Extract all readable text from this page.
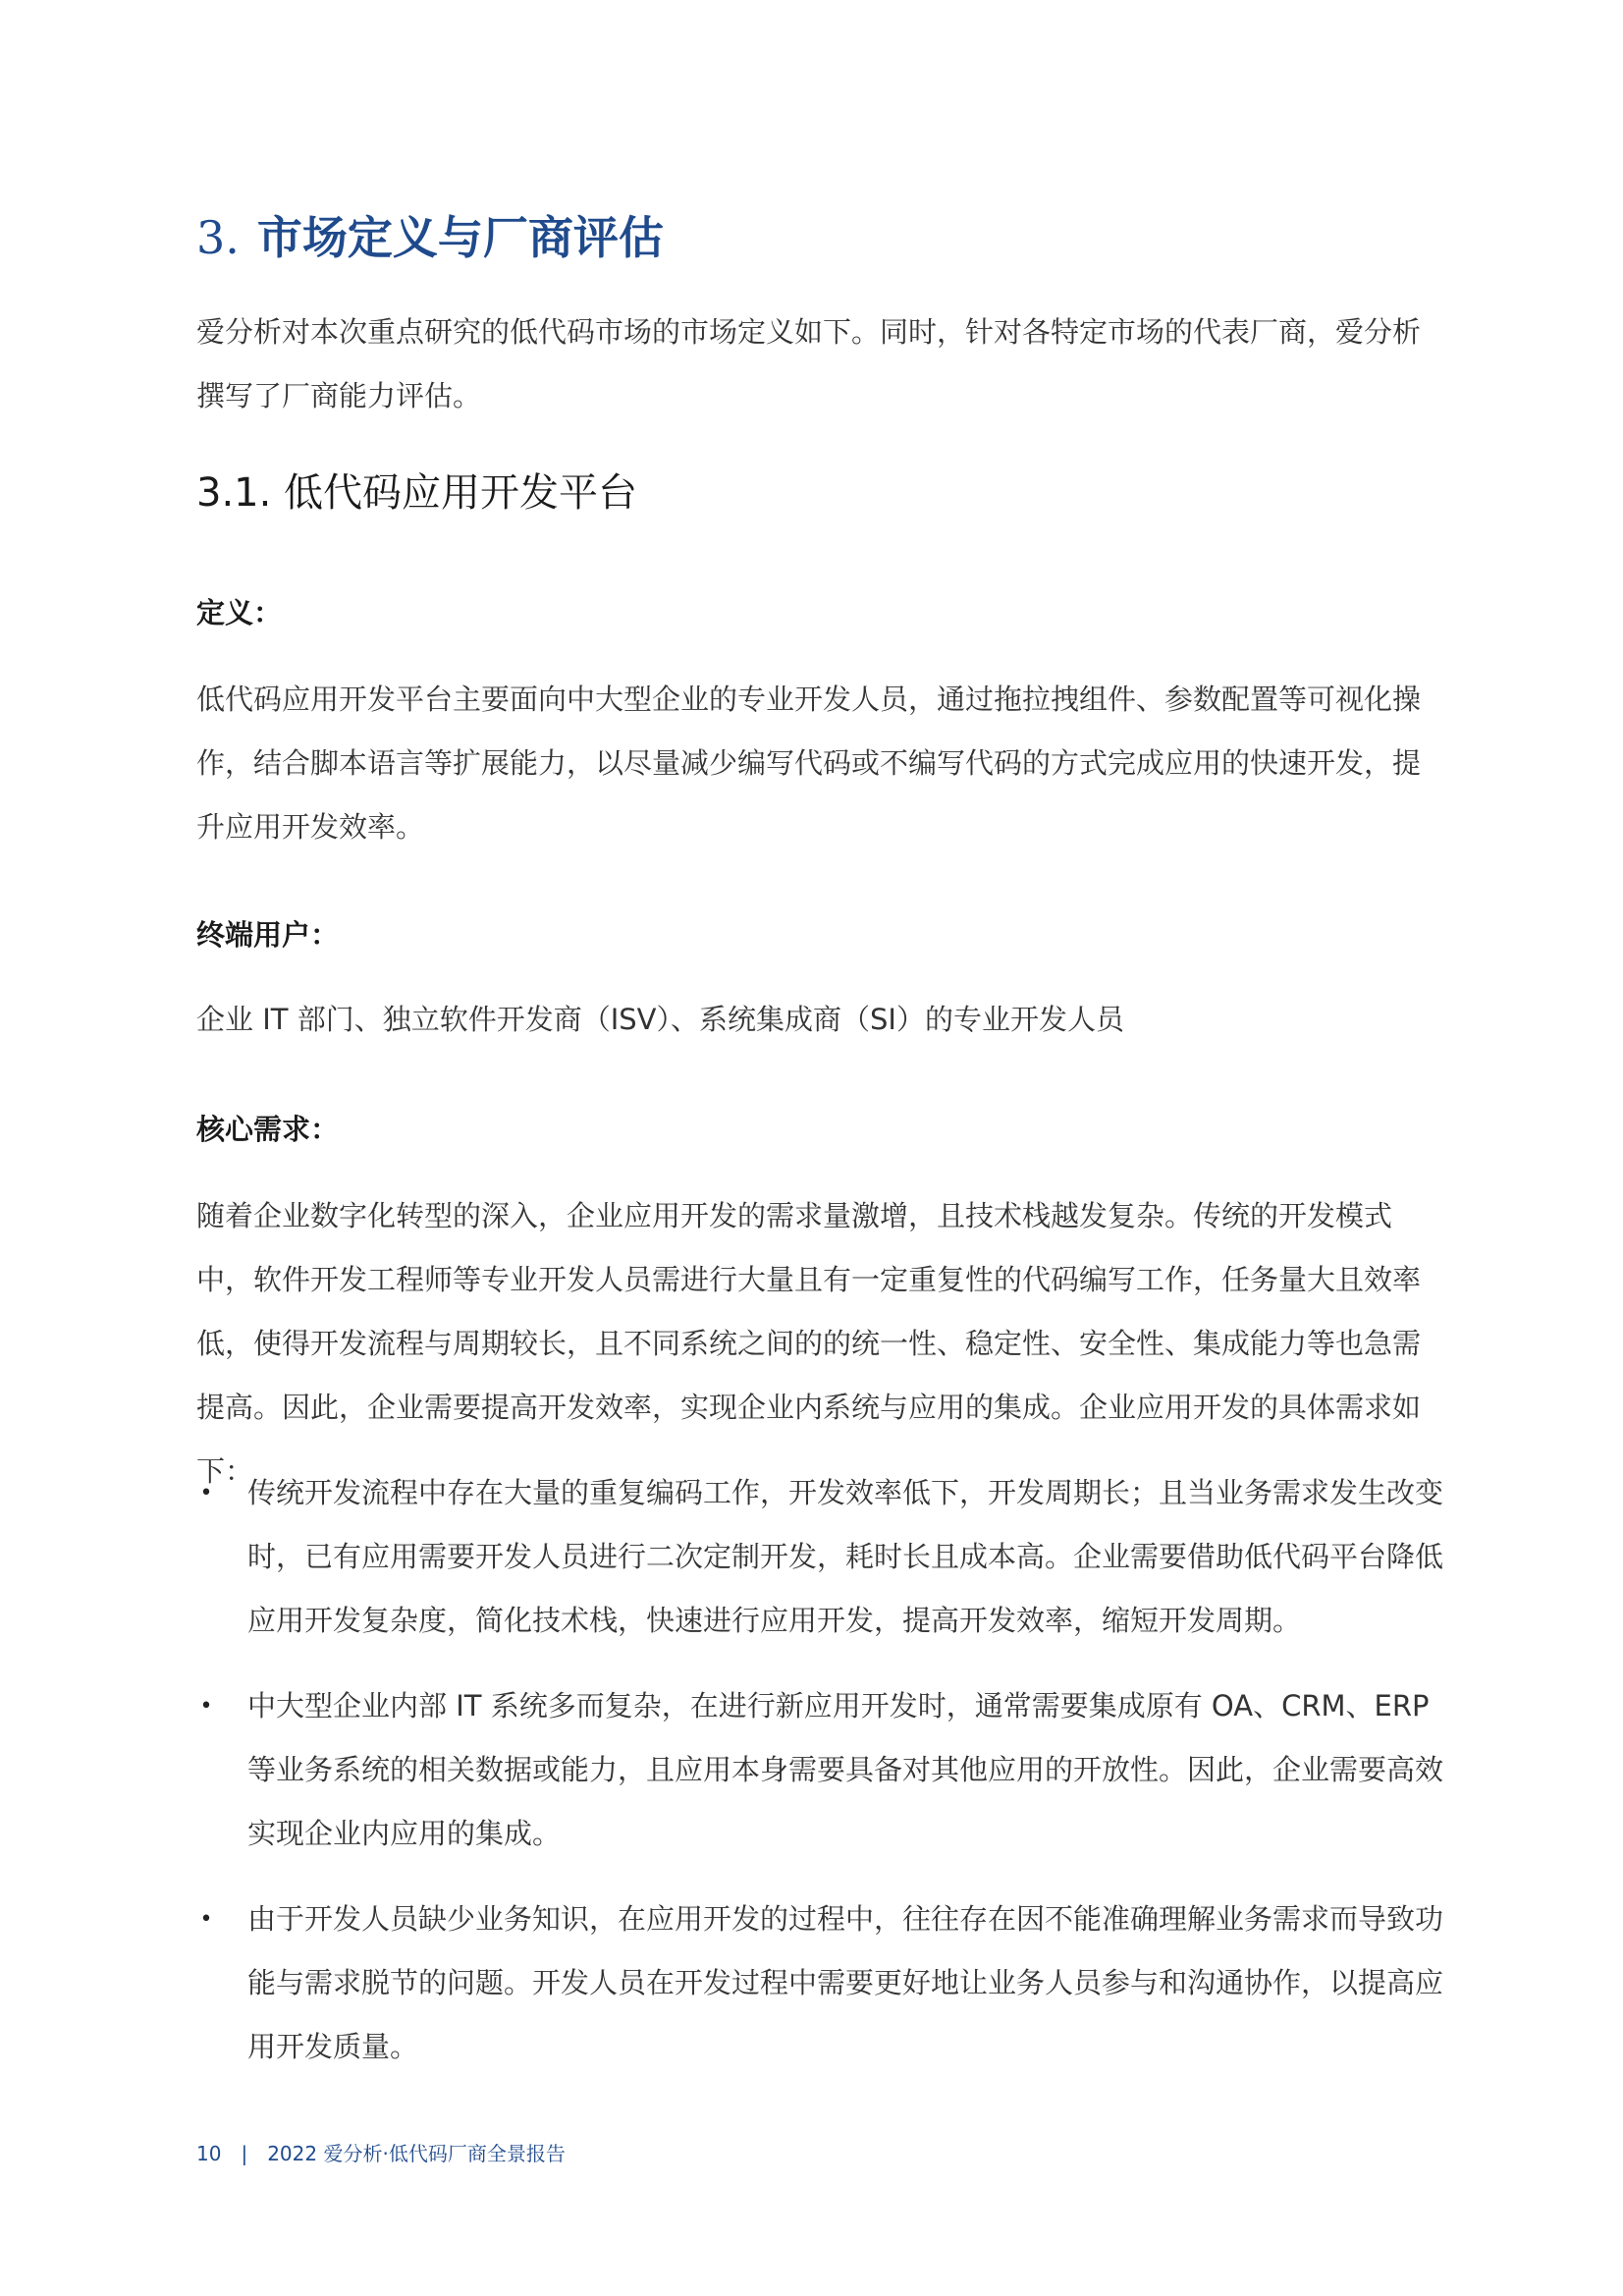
3. 市场定义与厂商评估

爱分析对本次重点研究的低代码市场的市场定义如下。同时，针对各特定市场的代表厂商，爱分析撰写了厂商能力评估。

3.1. 低代码应用开发平台
定义：

低代码应用开发平台主要面向中大型企业的专业开发人员，通过拖拉拽组件、参数配置等可视化操作，结合脚本语言等扩展能力，以尽量减少编写代码或不编写代码的方式完成应用的快速开发，提升应用开发效率。

终端用户：

企业 IT 部门、独立软件开发商（ISV）、系统集成商（SI）的专业开发人员

核心需求：

随着企业数字化转型的深入，企业应用开发的需求量激增，且技术栈越发复杂。传统的开发模式中，软件开发工程师等专业开发人员需进行大量且有一定重复性的代码编写工作，任务量大且效率低，使得开发流程与周期较长，且不同系统之间的的统一性、稳定性、安全性、集成能力等也急需提高。因此，企业需要提高开发效率，实现企业内系统与应用的集成。企业应用开发的具体需求如下：

• 传统开发流程中存在大量的重复编码工作，开发效率低下，开发周期长；且当业务需求发生改变时，已有应用需要开发人员进行二次定制开发，耗时长且成本高。企业需要借助低代码平台降低应用开发复杂度，简化技术栈，快速进行应用开发，提高开发效率，缩短开发周期。
• 中大型企业内部 IT 系统多而复杂，在进行新应用开发时，通常需要集成原有 OA、CRM、ERP 等业务系统的相关数据或能力，且应用本身需要具备对其他应用的开放性。因此，企业需要高效实现企业内应用的集成。
• 由于开发人员缺少业务知识，在应用开发的过程中，往往存在因不能准确理解业务需求而导致功能与需求脱节的问题。开发人员在开发过程中需要更好地让业务人员参与和沟通协作，以提高应用开发质量。
10 | 2022 爱分析·低代码厂商全景报告
